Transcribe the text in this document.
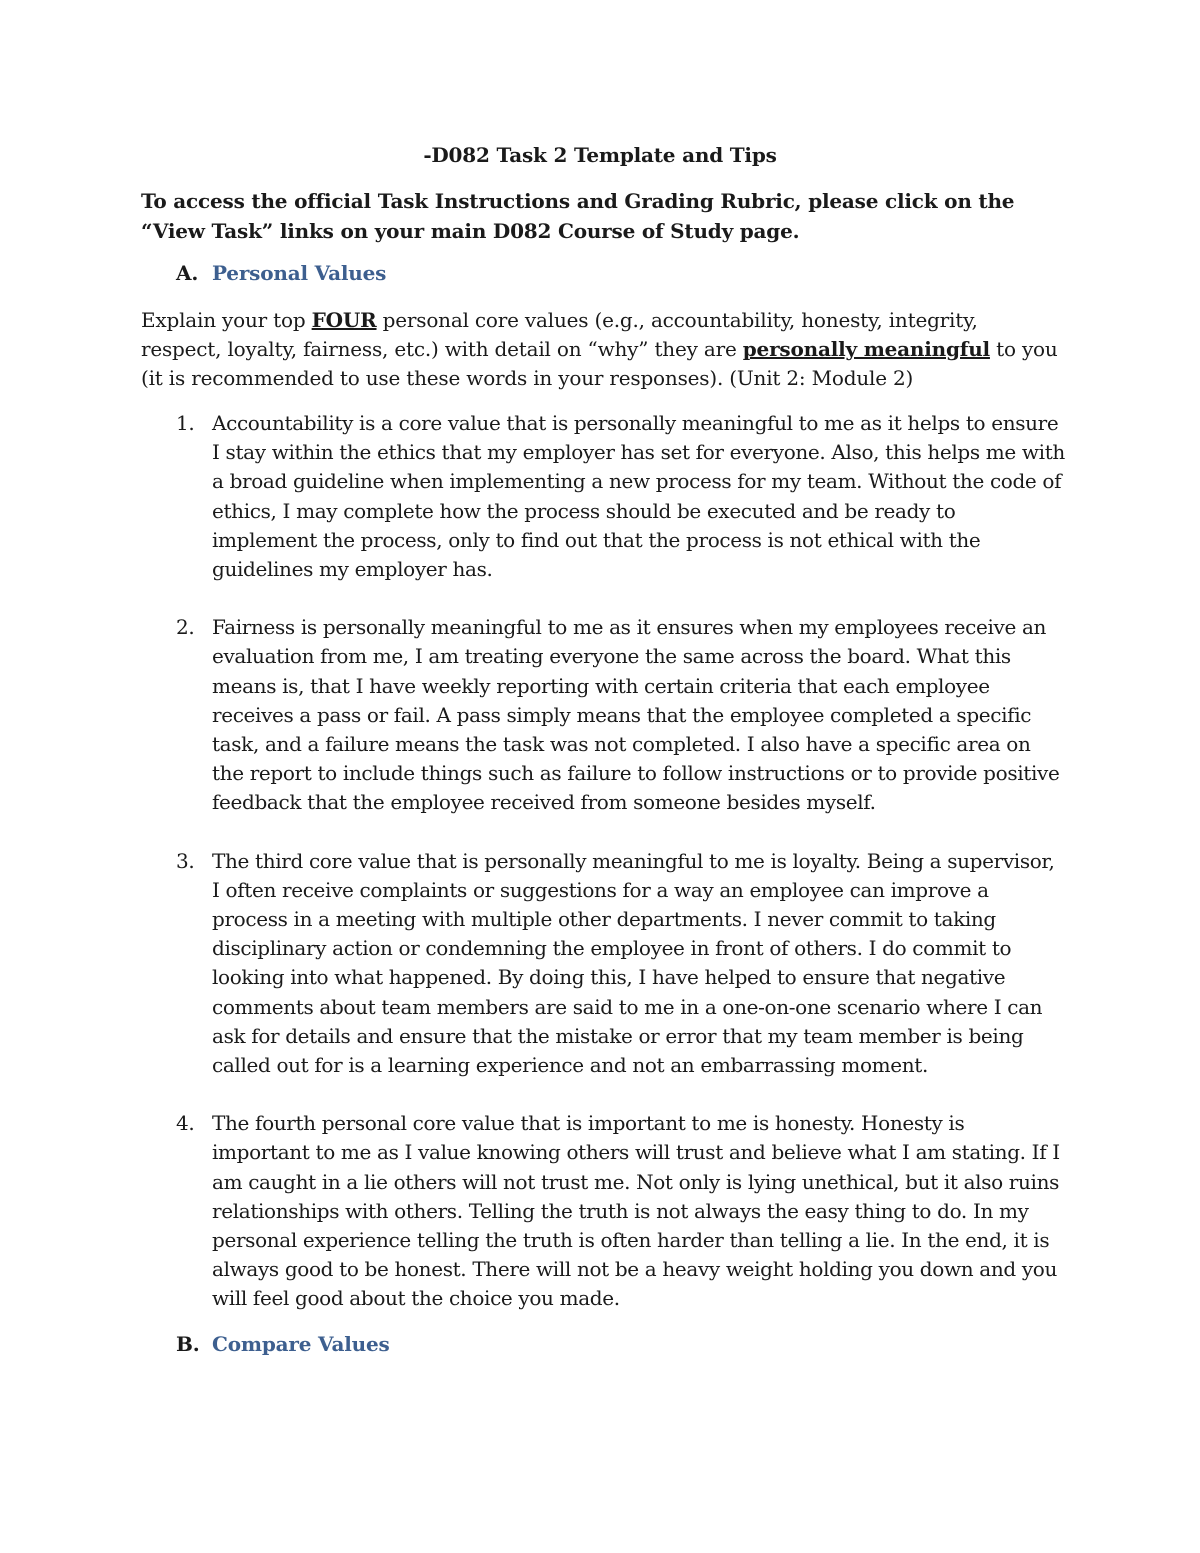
-D082 Task 2 Template and Tips
To access the official Task Instructions and Grading Rubric, please click on the “View Task” links on your main D082 Course of Study page.
A. Personal Values
Explain your top FOUR personal core values (e.g., accountability, honesty, integrity, respect, loyalty, fairness, etc.) with detail on “why” they are personally meaningful to you (it is recommended to use these words in your responses). (Unit 2: Module 2)
1. Accountability is a core value that is personally meaningful to me as it helps to ensure I stay within the ethics that my employer has set for everyone. Also, this helps me with a broad guideline when implementing a new process for my team. Without the code of ethics, I may complete how the process should be executed and be ready to implement the process, only to find out that the process is not ethical with the guidelines my employer has.
2. Fairness is personally meaningful to me as it ensures when my employees receive an evaluation from me, I am treating everyone the same across the board. What this means is, that I have weekly reporting with certain criteria that each employee receives a pass or fail. A pass simply means that the employee completed a specific task, and a failure means the task was not completed. I also have a specific area on the report to include things such as failure to follow instructions or to provide positive feedback that the employee received from someone besides myself.
3. The third core value that is personally meaningful to me is loyalty. Being a supervisor, I often receive complaints or suggestions for a way an employee can improve a process in a meeting with multiple other departments. I never commit to taking disciplinary action or condemning the employee in front of others. I do commit to looking into what happened. By doing this, I have helped to ensure that negative comments about team members are said to me in a one-on-one scenario where I can ask for details and ensure that the mistake or error that my team member is being called out for is a learning experience and not an embarrassing moment.
4. The fourth personal core value that is important to me is honesty. Honesty is important to me as I value knowing others will trust and believe what I am stating. If I am caught in a lie others will not trust me. Not only is lying unethical, but it also ruins relationships with others. Telling the truth is not always the easy thing to do. In my personal experience telling the truth is often harder than telling a lie. In the end, it is always good to be honest. There will not be a heavy weight holding you down and you will feel good about the choice you made.
B. Compare Values
